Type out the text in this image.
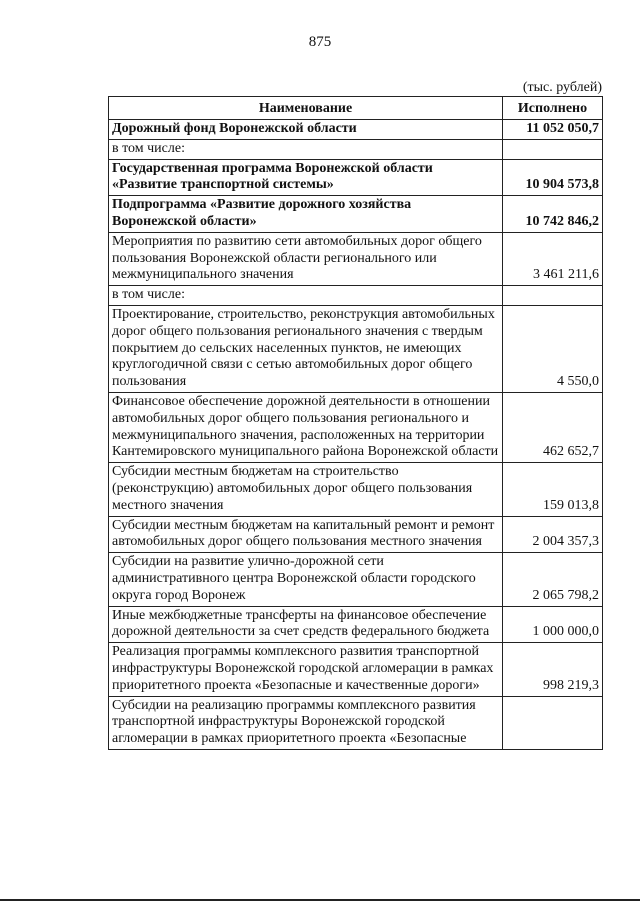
875
(тыс. рублей)
Наименование	Исполнено
Дорожный фонд Воронежской области	11 052 050,7
в том числе:	
Государственная программа Воронежской области «Развитие транспортной системы»	10 904 573,8
Подпрограмма «Развитие дорожного хозяйства Воронежской области»	10 742 846,2
Мероприятия по развитию сети автомобильных дорог общего пользования Воронежской области регионального или межмуниципального значения	3 461 211,6
в том числе:	
Проектирование, строительство, реконструкция автомобильных дорог общего пользования регионального значения с твердым покрытием до сельских населенных пунктов, не имеющих круглогодичной связи с сетью автомобильных дорог общего пользования	4 550,0
Финансовое обеспечение дорожной деятельности в отношении автомобильных дорог общего пользования регионального и межмуниципального значения, расположенных на территории Кантемировского муниципального района Воронежской области	462 652,7
Субсидии местным бюджетам на строительство (реконструкцию) автомобильных дорог общего пользования местного значения	159 013,8
Субсидии местным бюджетам на капитальный ремонт и ремонт автомобильных дорог общего пользования местного значения	2 004 357,3
Субсидии на развитие улично-дорожной сети административного центра Воронежской области городского округа город Воронеж	2 065 798,2
Иные межбюджетные трансферты на финансовое обеспечение дорожной деятельности за счет средств федерального бюджета	1 000 000,0
Реализация программы комплексного развития транспортной инфраструктуры Воронежской городской агломерации в рамках приоритетного проекта «Безопасные и качественные дороги»	998 219,3
Субсидии на реализацию программы комплексного развития транспортной инфраструктуры Воронежской городской агломерации в рамках приоритетного проекта «Безопасные	
